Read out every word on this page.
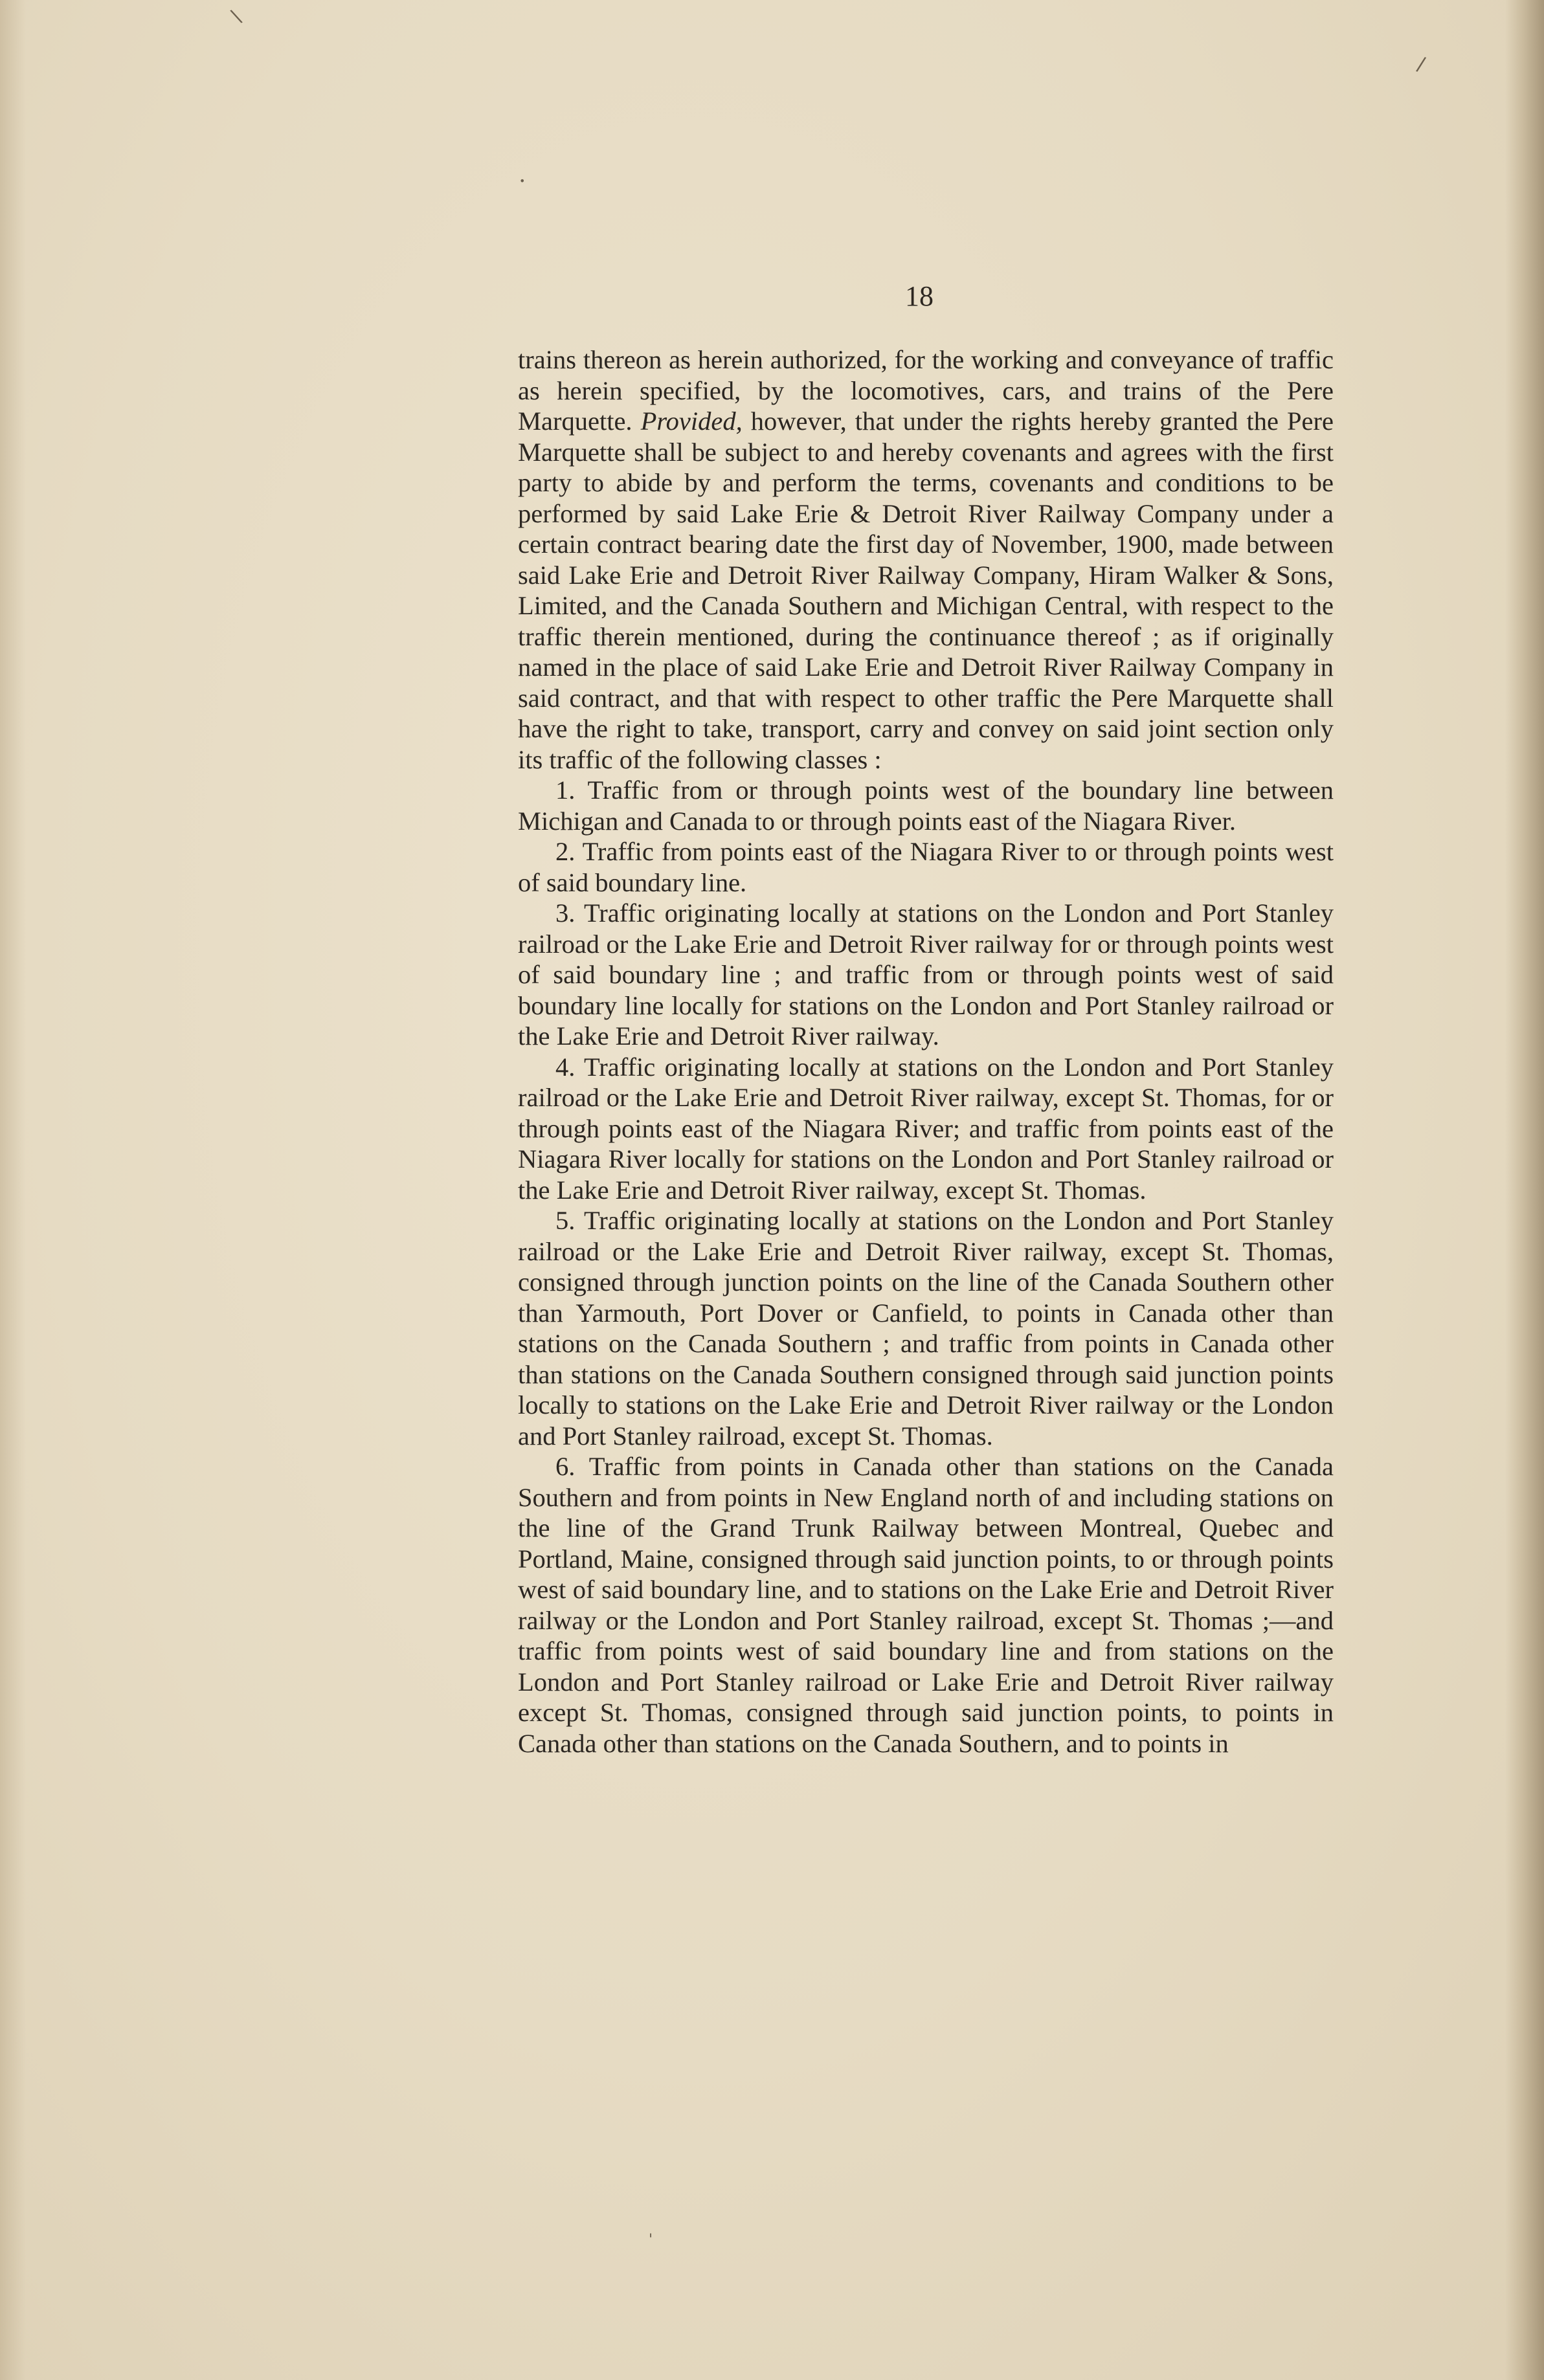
\
/
•
'
18

trains thereon as herein authorized, for the working and conveyance of traffic as herein specified, by the locomotives, cars, and trains of the Pere Marquette. Provided, however, that under the rights hereby granted the Pere Marquette shall be subject to and hereby covenants and agrees with the first party to abide by and perform the terms, covenants and conditions to be performed by said Lake Erie & Detroit River Railway Company under a certain contract bearing date the first day of November, 1900, made between said Lake Erie and Detroit River Railway Company, Hiram Walker & Sons, Limited, and the Canada Southern and Michigan Central, with respect to the traffic therein mentioned, during the continuance thereof ; as if originally named in the place of said Lake Erie and Detroit River Railway Company in said contract, and that with respect to other traffic the Pere Marquette shall have the right to take, transport, carry and convey on said joint section only its traffic of the following classes :

1. Traffic from or through points west of the boundary line between Michigan and Canada to or through points east of the Niagara River.

2. Traffic from points east of the Niagara River to or through points west of said boundary line.

3. Traffic originating locally at stations on the London and Port Stanley railroad or the Lake Erie and Detroit River railway for or through points west of said boundary line ; and traffic from or through points west of said boundary line locally for stations on the London and Port Stanley railroad or the Lake Erie and Detroit River railway.

4. Traffic originating locally at stations on the London and Port Stanley railroad or the Lake Erie and Detroit River railway, except St. Thomas, for or through points east of the Niagara River; and traffic from points east of the Niagara River locally for stations on the London and Port Stanley railroad or the Lake Erie and Detroit River railway, except St. Thomas.

5. Traffic originating locally at stations on the London and Port Stanley railroad or the Lake Erie and Detroit River railway, except St. Thomas, consigned through junction points on the line of the Canada Southern other than Yarmouth, Port Dover or Canfield, to points in Canada other than stations on the Canada Southern ; and traffic from points in Canada other than stations on the Canada Southern consigned through said junction points locally to stations on the Lake Erie and Detroit River railway or the London and Port Stanley railroad, except St. Thomas.

6. Traffic from points in Canada other than stations on the Canada Southern and from points in New England north of and including stations on the line of the Grand Trunk Railway between Montreal, Quebec and Portland, Maine, consigned through said junction points, to or through points west of said boundary line, and to stations on the Lake Erie and Detroit River railway or the London and Port Stanley railroad, except St. Thomas ;—and traffic from points west of said boundary line and from stations on the London and Port Stanley railroad or Lake Erie and Detroit River railway except St. Thomas, consigned through said junction points, to points in Canada other than stations on the Canada Southern, and to points in
